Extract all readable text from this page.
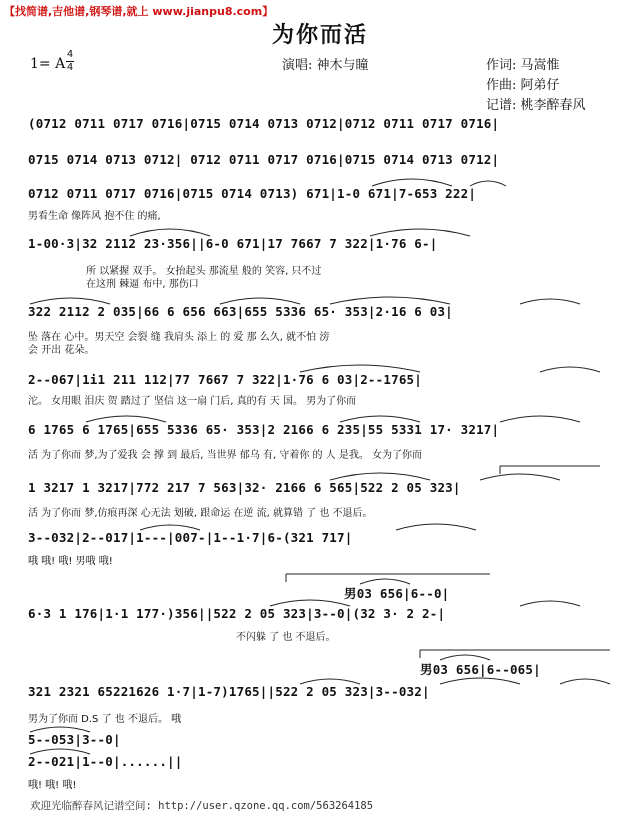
【找简谱,吉他谱,钢琴谱,就上 www.jianpu8.com】
为你而活
1= A
4
4	演唱: 神木与瞳	作词: 马嵩惟
作曲: 阿弟仔
记谱: 桃李醉春风
(0712 0711 0717 0716|0715 0714 0713 0712|0712 0711 0717 0716|
0715 0714 0713 0712| 0712 0711 0717 0716|0715 0714 0713 0712|
0712 0711 0717 0716|0715 0714 0713) 671|1-0 671|7-653 222|
男看生命 像阵风 抱不住 的痛,
1-00·3|32 2112 23·356||6-0 671|17 7667 7 322|1·76 6-|
所 以紧握 双手。 女抬起头 那流星 般的 笑容, 只不过
在这刑 棘逼 布中, 那伤口
322 2112 2 035|66 6 656 663|655 5336 65· 353|2·16 6 03|
坠 落在 心中。男天空 会裂 缝 我肩头 添上 的 爱 那 么久, 就不怕 滂
会 开出 花朵。
2--067|1i1 211 112|77 7667 7 322|1·76 6 03|2--1765|
沱。 女用眼 泪庆 贺 踏过了 坚信 这一扇 门后, 真的有 天 国。 男为了你而
6 1765 6 1765|655 5336 65· 353|2 2166 6 235|55 5331 17· 3217|
活 为了你而 梦,为了爱我 会 撑 到 最后, 当世界 郁乌 有, 守着你 的 人 是我。 女为了你而
1 3217 1 3217|772 217 7 563|32· 2166 6 565|522 2 05 323|
活 为了你而 梦,仿痕再深 心无法 划破, 跟命运 在逆 流, 就算错 了 也 不退后。
3--032|2--017|1---|007-|1--1·7|6-(321 717|
哦 哦! 哦! 男哦 哦!
男03 656|6--0|
6·3 1 176|1·1 177·)356||522 2 05 323|3--0|(32 3· 2 2-|
不闪躲 了 也 不退后。
男03 656|6--065|
321 2321 65221626 1·7|1-7)1765||522 2 05 323|3--032|
男为了你而 D.S 了 也 不退后。 哦
5--053|3--0|
2--021|1--0|......||
哦! 哦! 哦!
欢迎光临醉春风记谱空间: http://user.qzone.qq.com/563264185
